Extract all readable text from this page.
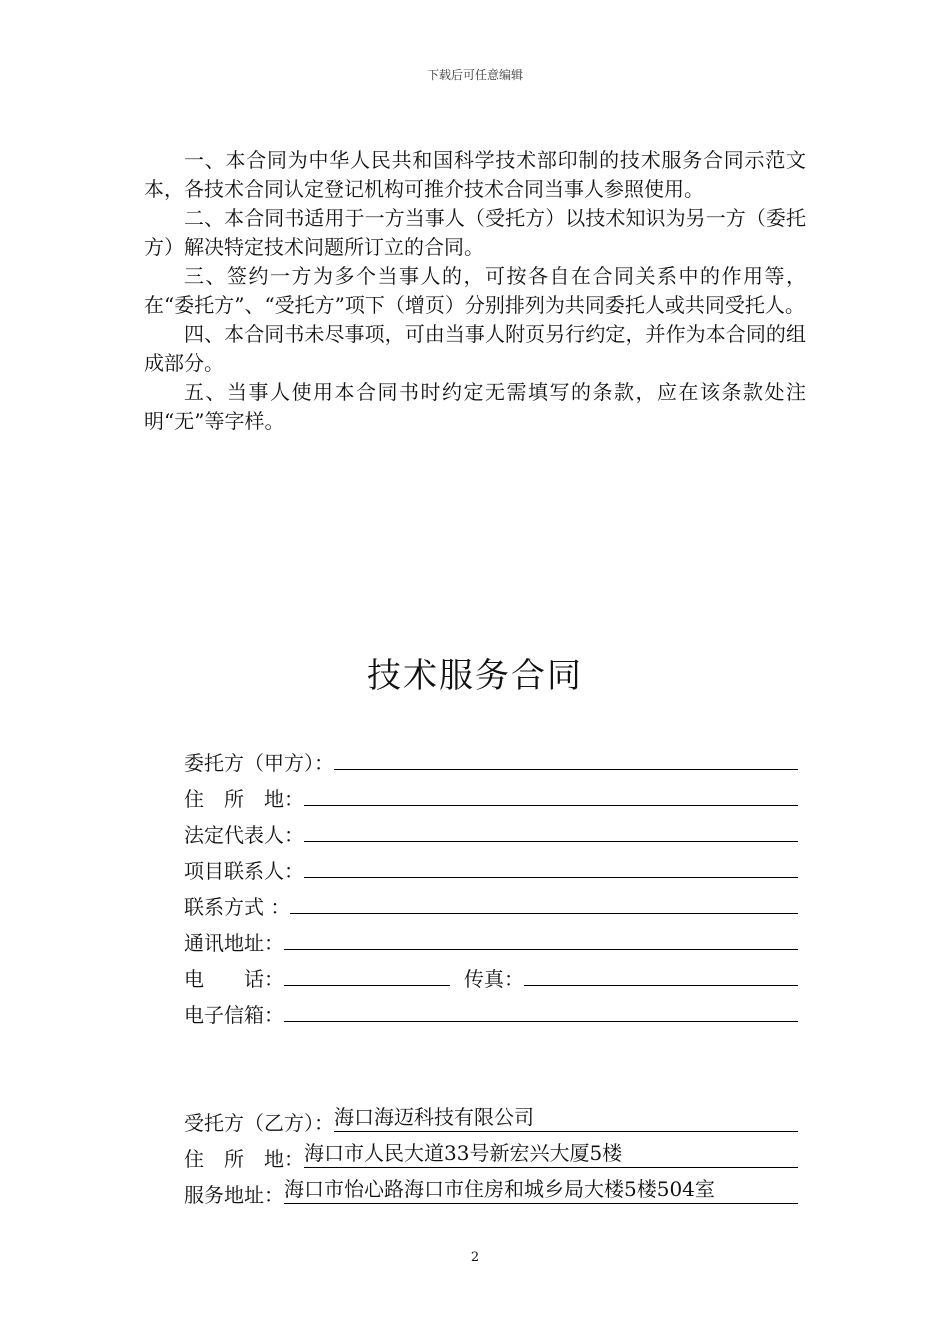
下载后可任意编辑

一、本合同为中华人民共和国科学技术部印制的技术服务合同示范文本，各技术合同认定登记机构可推介技术合同当事人参照使用。

二、本合同书适用于一方当事人（受托方）以技术知识为另一方（委托方）解决特定技术问题所订立的合同。

三、签约一方为多个当事人的，可按各自在合同关系中的作用等，在“委托方”、“受托方”项下（增页）分别排列为共同委托人或共同受托人。

四、本合同书未尽事项，可由当事人附页另行约定，并作为本合同的组成部分。

五、当事人使用本合同书时约定无需填写的条款，应在该条款处注明“无”等字样。

技术服务合同
委托方（甲方）：
住　所　地：
法定代表人：
项目联系人：
联系方式 ：
通讯地址：
电　　话：	传真：
电子信箱：
受托方（乙方）： 海口海迈科技有限公司
住　所　地： 海口市人民大道33号新宏兴大厦5楼
服务地址： 海口市怡心路海口市住房和城乡局大楼5楼504室
2
